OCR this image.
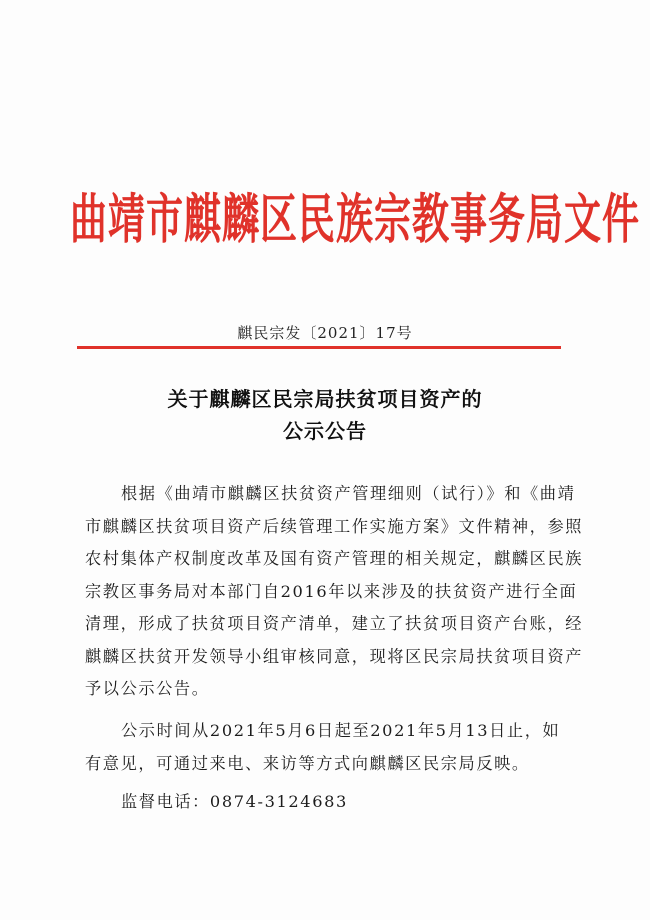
曲靖市麒麟区民族宗教事务局文件
麒民宗发〔2021〕17号
关于麒麟区民宗局扶贫项目资产的
公示公告
根据《曲靖市麒麟区扶贫资产管理细则（试行）》和《曲靖
市麒麟区扶贫项目资产后续管理工作实施方案》文件精神，参照
农村集体产权制度改革及国有资产管理的相关规定，麒麟区民族
宗教区事务局对本部门自2016年以来涉及的扶贫资产进行全面
清理，形成了扶贫项目资产清单，建立了扶贫项目资产台账，经
麒麟区扶贫开发领导小组审核同意，现将区民宗局扶贫项目资产
予以公示公告。
公示时间从2021年5月6日起至2021年5月13日止，如
有意见，可通过来电、来访等方式向麒麟区民宗局反映。
监督电话：0874-3124683
